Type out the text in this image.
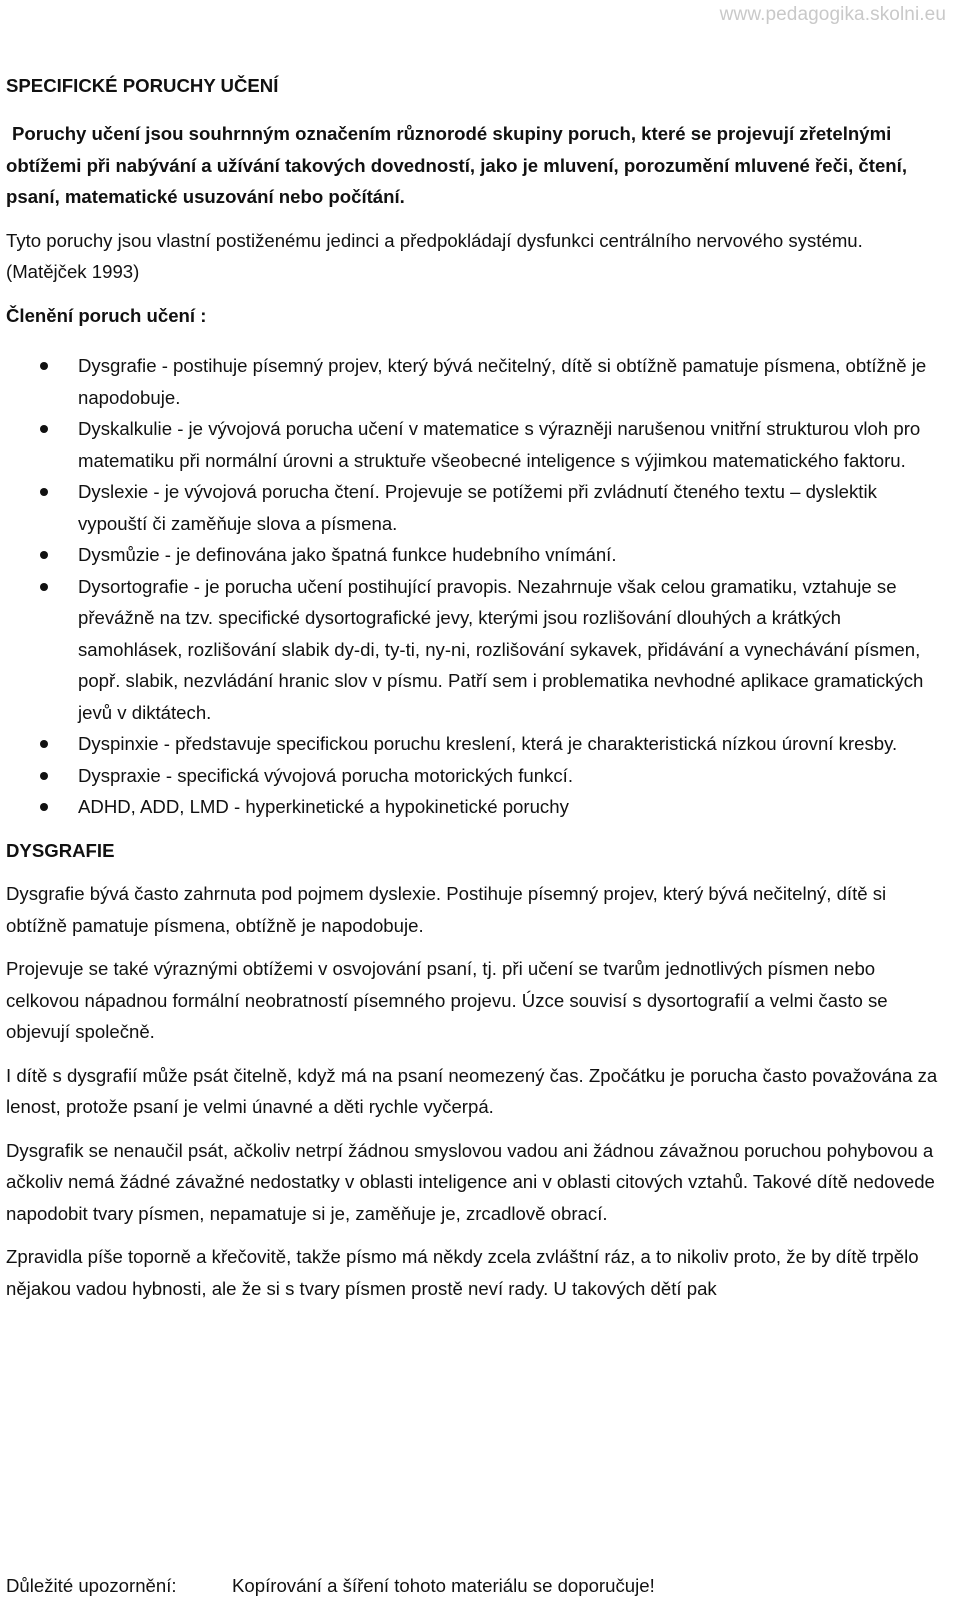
www.pedagogika.skolni.eu
SPECIFICKÉ PORUCHY UČENÍ

Poruchy učení jsou souhrnným označením různorodé skupiny poruch, které se projevují zřetelnými obtížemi při nabývání a užívání takových dovedností, jako je mluvení, porozumění mluvené řeči, čtení, psaní, matematické usuzování nebo počítání.

Tyto poruchy jsou vlastní postiženému jedinci a předpokládají dysfunkci centrálního nervového systému. (Matějček 1993)

Členění poruch učení :
Dysgrafie - postihuje písemný projev, který bývá nečitelný, dítě si obtížně pamatuje písmena, obtížně je napodobuje.
Dyskalkulie - je vývojová porucha učení v matematice s výrazněji narušenou vnitřní strukturou vloh pro matematiku při normální úrovni a struktuře všeobecné inteligence s výjimkou matematického faktoru.
Dyslexie - je vývojová porucha čtení. Projevuje se potížemi při zvládnutí čteného textu – dyslektik vypouští či zaměňuje slova a písmena.
Dysmůzie - je definována jako špatná funkce hudebního vnímání.
Dysortografie - je porucha učení postihující pravopis. Nezahrnuje však celou gramatiku, vztahuje se převážně na tzv. specifické dysortografické jevy, kterými jsou rozlišování dlouhých a krátkých samohlásek, rozlišování slabik dy-di, ty-ti, ny-ni, rozlišování sykavek, přidávání a vynechávání písmen, popř. slabik, nezvládání hranic slov v písmu. Patří sem i problematika nevhodné aplikace gramatických jevů v diktátech.
Dyspinxie - představuje specifickou poruchu kreslení, která je charakteristická nízkou úrovní kresby.
Dyspraxie - specifická vývojová porucha motorických funkcí.
ADHD, ADD, LMD - hyperkinetické a hypokinetické poruchy
DYSGRAFIE

Dysgrafie bývá často zahrnuta pod pojmem dyslexie. Postihuje písemný projev, který bývá nečitelný, dítě si obtížně pamatuje písmena, obtížně je napodobuje.

Projevuje se také výraznými obtížemi v osvojování psaní, tj. při učení se tvarům jednotlivých písmen nebo celkovou nápadnou formální neobratností písemného projevu. Úzce souvisí s dysortografií a velmi často se objevují společně.

I dítě s dysgrafií může psát čitelně, když má na psaní neomezený čas. Zpočátku je porucha často považována za lenost, protože psaní je velmi únavné a děti rychle vyčerpá.

Dysgrafik se nenaučil psát, ačkoliv netrpí žádnou smyslovou vadou ani žádnou závažnou poruchou pohybovou a ačkoliv nemá žádné závažné nedostatky v oblasti inteligence ani v oblasti citových vztahů. Takové dítě nedovede napodobit tvary písmen, nepamatuje si je, zaměňuje je, zrcadlově obrací.

Zpravidla píše toporně a křečovitě, takže písmo má někdy zcela zvláštní ráz, a to nikoliv proto, že by dítě trpělo nějakou vadou hybnosti, ale že si s tvary písmen prostě neví rady. U takových dětí pak

Důležité upozornění:	Kopírování a šíření tohoto materiálu se doporučuje!
